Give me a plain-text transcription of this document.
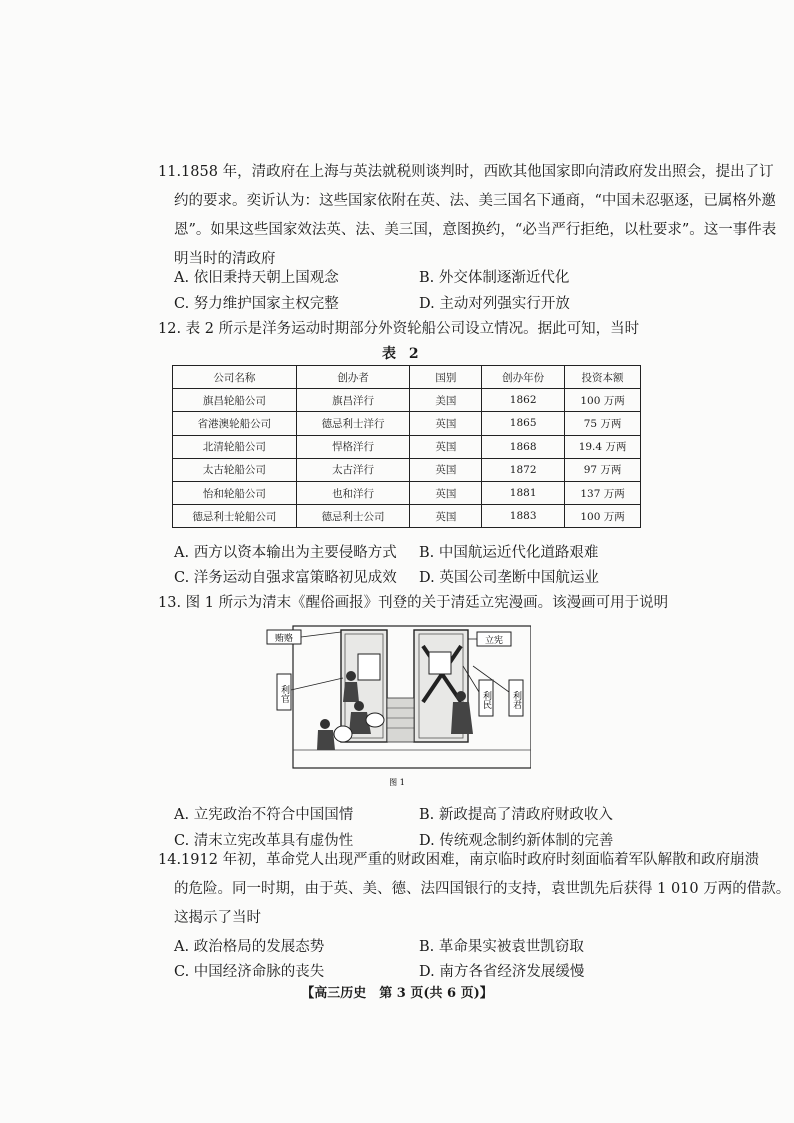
11.1858 年，清政府在上海与英法就税则谈判时，西欧其他国家即向清政府发出照会，提出了订
约的要求。奕䜣认为：这些国家依附在英、法、美三国名下通商，“中国未忍驱逐，已属格外邀
恩”。如果这些国家效法英、法、美三国，意图换约，“必当严行拒绝，以杜要求”。这一事件表
明当时的清政府
A. 依旧秉持天朝上国观念	B. 外交体制逐渐近代化
C. 努力维护国家主权完整	D. 主动对列强实行开放
12. 表 2 所示是洋务运动时期部分外资轮船公司设立情况。据此可知，当时
表 2
公司名称	创办者	国别	创办年份	投资本额
旗昌轮船公司	旗昌洋行	美国	1862	100 万两
省港澳轮船公司	德忌利士洋行	英国	1865	75 万两
北清轮船公司	悍格洋行	英国	1868	19.4 万两
太古轮船公司	太古洋行	英国	1872	97 万两
怡和轮船公司	也和洋行	英国	1881	137 万两
德忌利士轮船公司	德忌利士公司	英国	1883	100 万两
A. 西方以资本输出为主要侵略方式 B. 中国航运近代化道路艰难
C. 洋务运动自强求富策略初见成效 D. 英国公司垄断中国航运业
13. 图 1 所示为清末《醒俗画报》刊登的关于清廷立宪漫画。该漫画可用于说明
贿赂	立宪
利官	利民 利君
图 1
A. 立宪政治不符合中国国情	B. 新政提高了清政府财政收入
C. 清末立宪改革具有虚伪性	D. 传统观念制约新体制的完善
14.1912 年初，革命党人出现严重的财政困难，南京临时政府时刻面临着军队解散和政府崩溃
的危险。同一时期，由于英、美、德、法四国银行的支持，袁世凯先后获得 1 010 万两的借款。
这揭示了当时
A. 政治格局的发展态势	B. 革命果实被袁世凯窃取
C. 中国经济命脉的丧失	D. 南方各省经济发展缓慢
【高三历史　第 3 页(共 6 页)】
